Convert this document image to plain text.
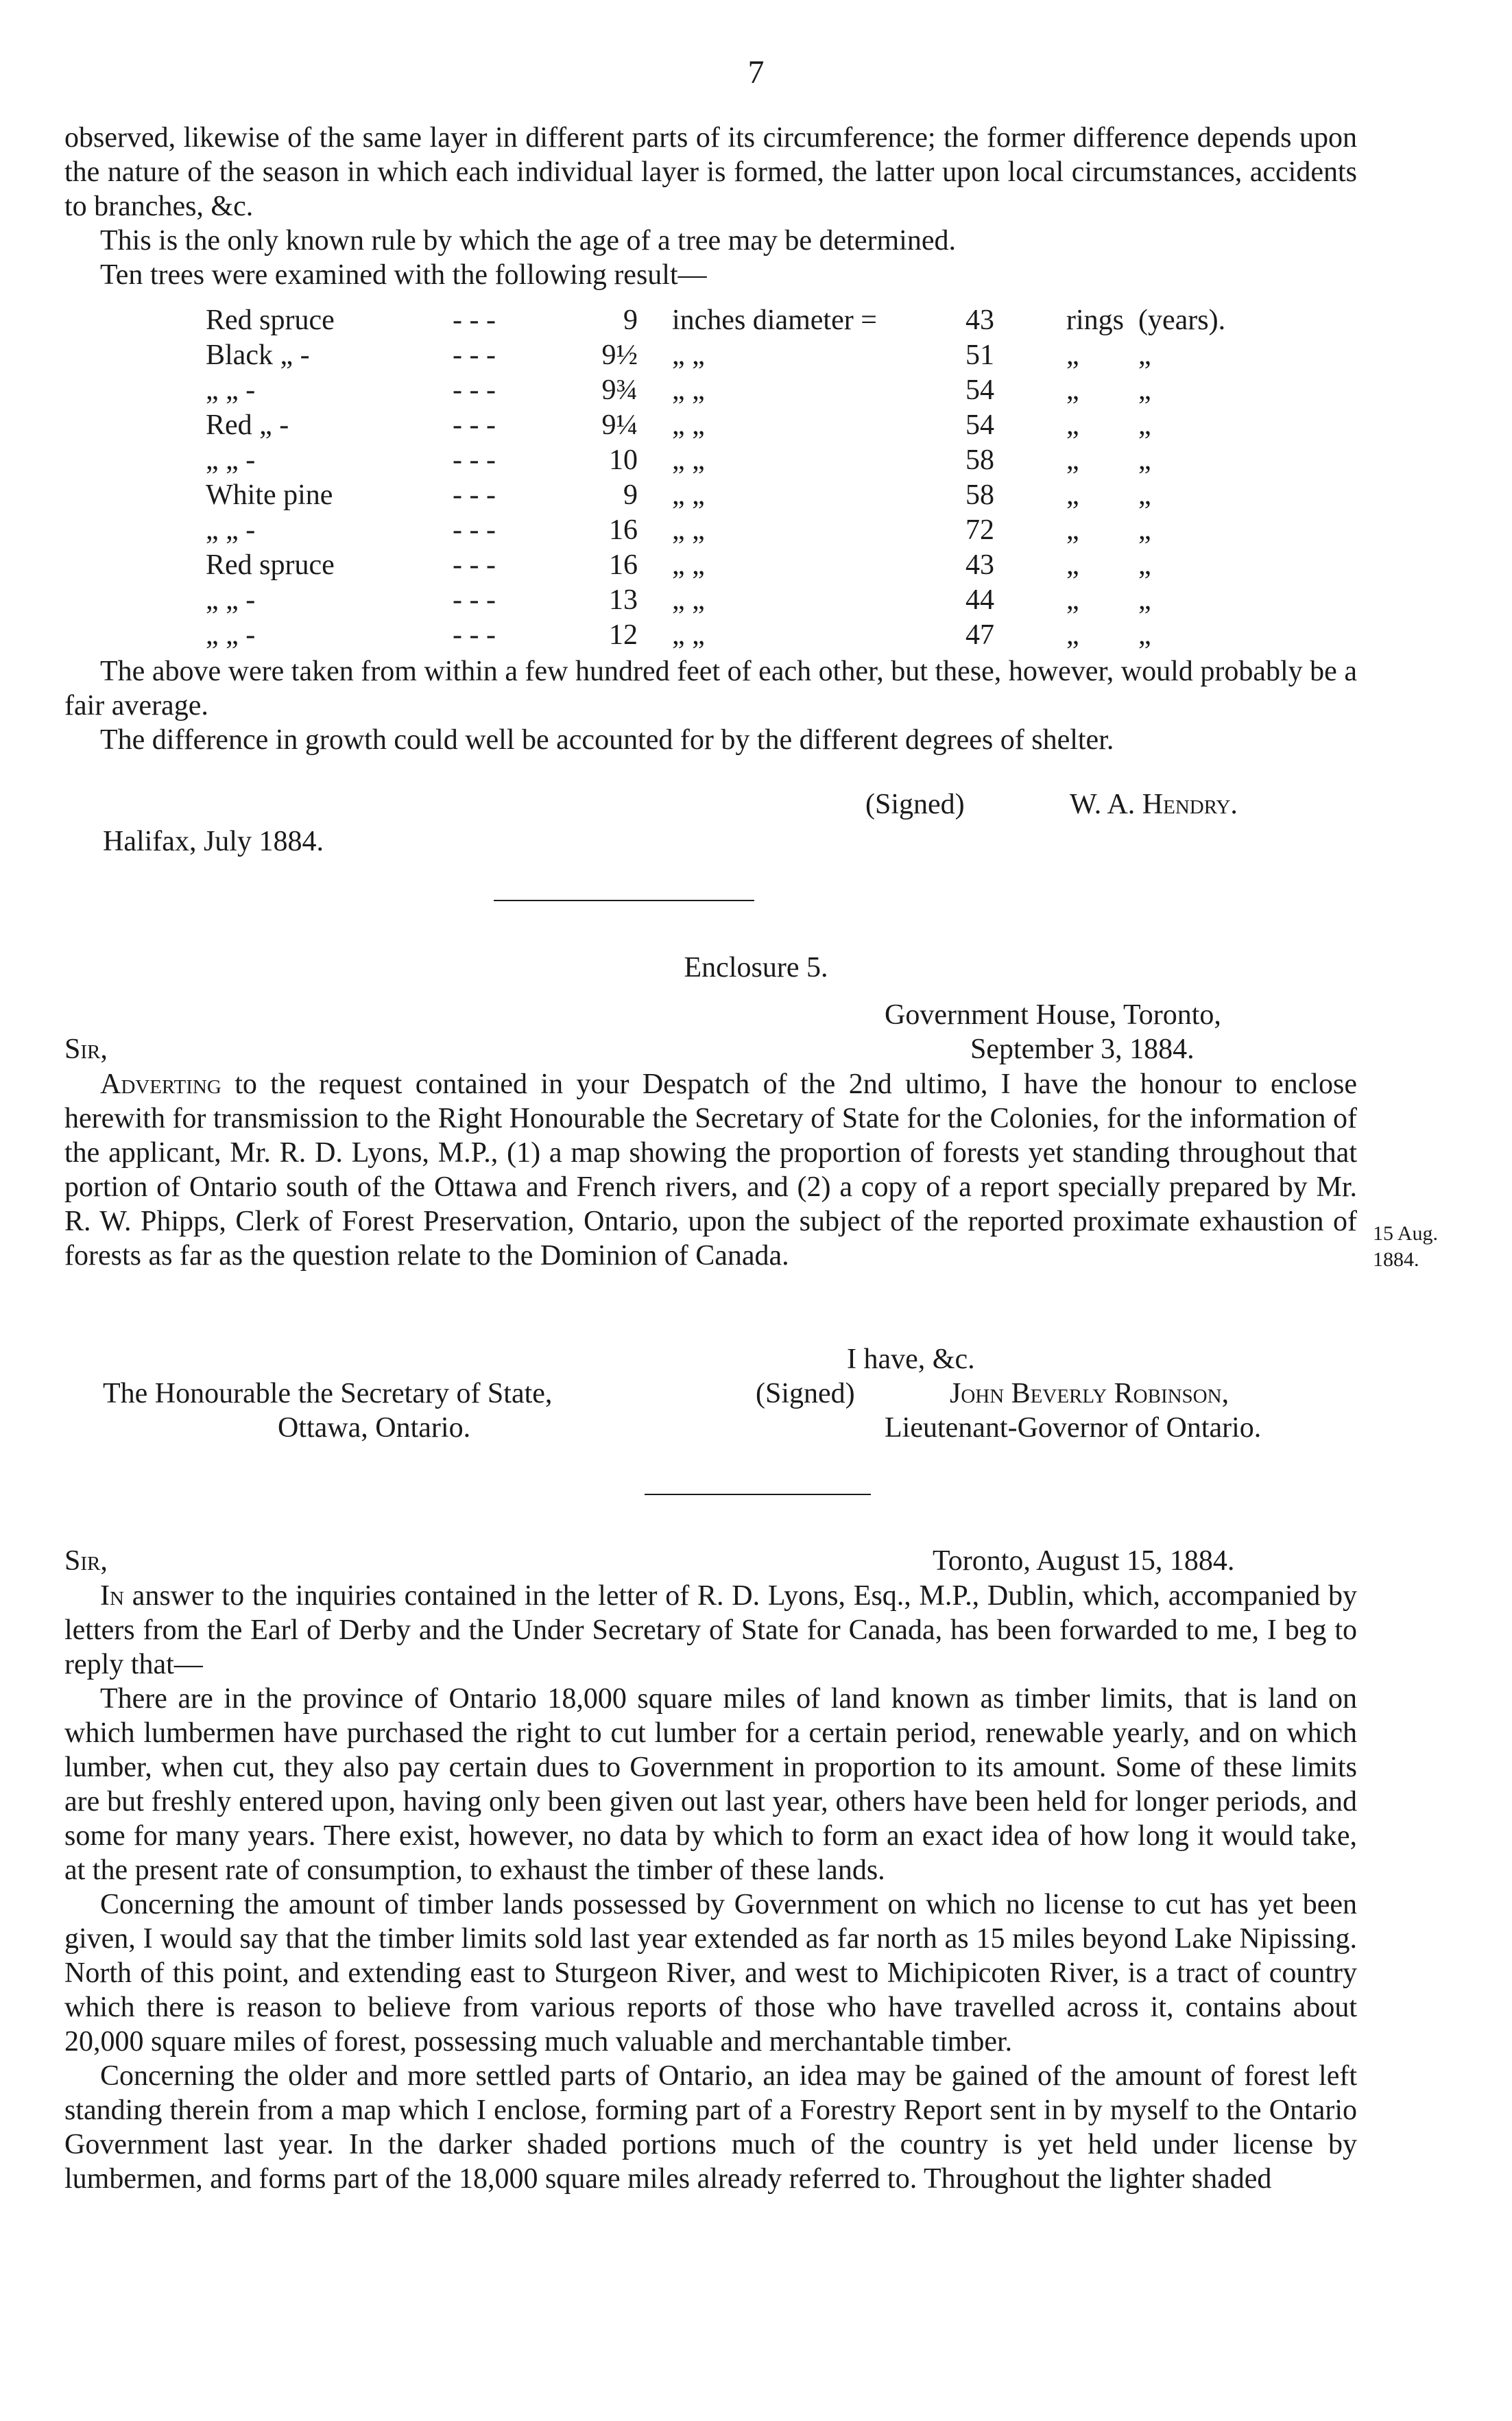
7

observed, likewise of the same layer in different parts of its circumference; the former difference depends upon the nature of the season in which each individual layer is formed, the latter upon local circumstances, accidents to branches, &c.

This is the only known rule by which the age of a tree may be determined.

Ten trees were examined with the following result—

Red spruce	- - -	9 inches diameter =	43	rings (years).
Black „ -	- - -	9½ „ „	51	„ „
„ „ -	- - -	9¾ „ „	54	„ „
Red „ -	- - -	9¼ „ „	54	„ „
„ „ -	- - -	10 „ „	58	„ „
White pine	- - -	9 „ „	58	„ „
„ „ -	- - -	16 „ „	72	„ „
Red spruce	- - -	16 „ „	43	„ „
„ „ -	- - -	13 „ „	44	„ „
„ „ -	- - -	12 „ „	47	„ „

The above were taken from within a few hundred feet of each other, but these, however, would probably be a fair average.

The difference in growth could well be accounted for by the different degrees of shelter.

(Signed)	W. A. Hendry.
Halifax, July 1884.
Enclosure 5.
Government House, Toronto,
September 3, 1884.
Sir,

Adverting to the request contained in your Despatch of the 2nd ultimo, I have the honour to enclose herewith for transmission to the Right Honourable the Secretary of State for the Colonies, for the information of the applicant, Mr. R. D. Lyons, M.P., (1) a map showing the proportion of forests yet standing throughout that portion of Ontario south of the Ottawa and French rivers, and (2) a copy of a report specially prepared by Mr. R. W. Phipps, Clerk of Forest Preservation, Ontario, upon the subject of the reported proximate exhaustion of forests as far as the question relate to the Dominion of Canada.

15 Aug.
1884.
I have, &c.
The Honourable the Secretary of State,	(Signed)	John Beverly Robinson,
Ottawa, Ontario.	Lieutenant-Governor of Ontario.
Sir,	Toronto, August 15, 1884.

In answer to the inquiries contained in the letter of R. D. Lyons, Esq., M.P., Dublin, which, accompanied by letters from the Earl of Derby and the Under Secretary of State for Canada, has been forwarded to me, I beg to reply that—

There are in the province of Ontario 18,000 square miles of land known as timber limits, that is land on which lumbermen have purchased the right to cut lumber for a certain period, renewable yearly, and on which lumber, when cut, they also pay certain dues to Government in proportion to its amount. Some of these limits are but freshly entered upon, having only been given out last year, others have been held for longer periods, and some for many years. There exist, however, no data by which to form an exact idea of how long it would take, at the present rate of consumption, to exhaust the timber of these lands.

Concerning the amount of timber lands possessed by Government on which no license to cut has yet been given, I would say that the timber limits sold last year extended as far north as 15 miles beyond Lake Nipissing. North of this point, and extending east to Sturgeon River, and west to Michipicoten River, is a tract of country which there is reason to believe from various reports of those who have travelled across it, contains about 20,000 square miles of forest, possessing much valuable and merchantable timber.

Concerning the older and more settled parts of Ontario, an idea may be gained of the amount of forest left standing therein from a map which I enclose, forming part of a Forestry Report sent in by myself to the Ontario Government last year. In the darker shaded portions much of the country is yet held under license by lumbermen, and forms part of the 18,000 square miles already referred to. Throughout the lighter shaded
